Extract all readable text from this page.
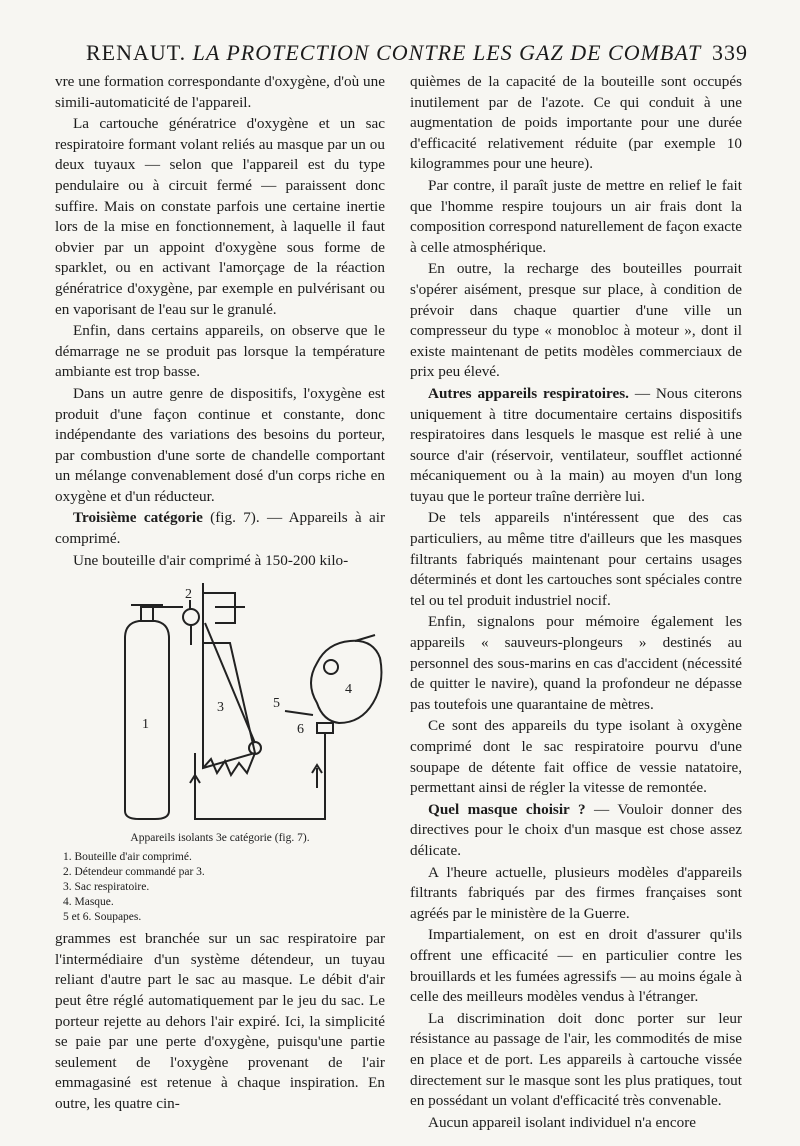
RENAUT. LA PROTECTION CONTRE LES GAZ DE COMBAT 339

vre une formation correspondante d'oxygène, d'où une simili-automaticité de l'appareil.

La cartouche génératrice d'oxygène et un sac respiratoire formant volant reliés au masque par un ou deux tuyaux — selon que l'appareil est du type pendulaire ou à circuit fermé — paraissent donc suffire. Mais on constate parfois une certaine inertie lors de la mise en fonctionnement, à laquelle il faut obvier par un appoint d'oxygène sous forme de sparklet, ou en activant l'amorçage de la réaction génératrice d'oxygène, par exemple en pulvérisant ou en vaporisant de l'eau sur le granulé.

Enfin, dans certains appareils, on observe que le démarrage ne se produit pas lorsque la température ambiante est trop basse.

Dans un autre genre de dispositifs, l'oxygène est produit d'une façon continue et constante, donc indépendante des variations des besoins du porteur, par combustion d'une sorte de chandelle comportant un mélange convenablement dosé d'un corps riche en oxygène et d'un réducteur.

Troisième catégorie (fig. 7). — Appareils à air comprimé.

Une bouteille d'air comprimé à 150-200 kilo-

1
2
3
4
5
6
Appareils isolants 3e catégorie (fig. 7).
1. Bouteille d'air comprimé.
2. Détendeur commandé par 3.
3. Sac respiratoire.
4. Masque.
5 et 6. Soupapes.

grammes est branchée sur un sac respiratoire par l'intermédiaire d'un système détendeur, un tuyau reliant d'autre part le sac au masque. Le débit d'air peut être réglé automatiquement par le jeu du sac. Le porteur rejette au dehors l'air expiré. Ici, la simplicité se paie par une perte d'oxygène, puisqu'une partie seulement de l'oxygène provenant de l'air emmagasiné est retenue à chaque inspiration. En outre, les quatre cin-

quièmes de la capacité de la bouteille sont occupés inutilement par de l'azote. Ce qui conduit à une augmentation de poids importante pour une durée d'efficacité relativement réduite (par exemple 10 kilogrammes pour une heure).

Par contre, il paraît juste de mettre en relief le fait que l'homme respire toujours un air frais dont la composition correspond naturellement de façon exacte à celle atmosphérique.

En outre, la recharge des bouteilles pourrait s'opérer aisément, presque sur place, à condition de prévoir dans chaque quartier d'une ville un compresseur du type « monobloc à moteur », dont il existe maintenant de petits modèles commerciaux de prix peu élevé.

Autres appareils respiratoires. — Nous citerons uniquement à titre documentaire certains dispositifs respiratoires dans lesquels le masque est relié à une source d'air (réservoir, ventilateur, soufflet actionné mécaniquement ou à la main) au moyen d'un long tuyau que le porteur traîne derrière lui.

De tels appareils n'intéressent que des cas particuliers, au même titre d'ailleurs que les masques filtrants fabriqués maintenant pour certains usages déterminés et dont les cartouches sont spéciales contre tel ou tel produit industriel nocif.

Enfin, signalons pour mémoire également les appareils « sauveurs-plongeurs » destinés au personnel des sous-marins en cas d'accident (nécessité de quitter le navire), quand la profondeur ne dépasse pas toutefois une quarantaine de mètres.

Ce sont des appareils du type isolant à oxygène comprimé dont le sac respiratoire pourvu d'une soupape de détente fait office de vessie natatoire, permettant ainsi de régler la vitesse de remontée.

Quel masque choisir ? — Vouloir donner des directives pour le choix d'un masque est chose assez délicate.

A l'heure actuelle, plusieurs modèles d'appareils filtrants fabriqués par des firmes françaises sont agréés par le ministère de la Guerre.

Impartialement, on est en droit d'assurer qu'ils offrent une efficacité — en particulier contre les brouillards et les fumées agressifs — au moins égale à celle des meilleurs modèles vendus à l'étranger.

La discrimination doit donc porter sur leur résistance au passage de l'air, les commodités de mise en place et de port. Les appareils à cartouche vissée directement sur le masque sont les plus pratiques, tout en possédant un volant d'efficacité très convenable.

Aucun appareil isolant individuel n'a encore
